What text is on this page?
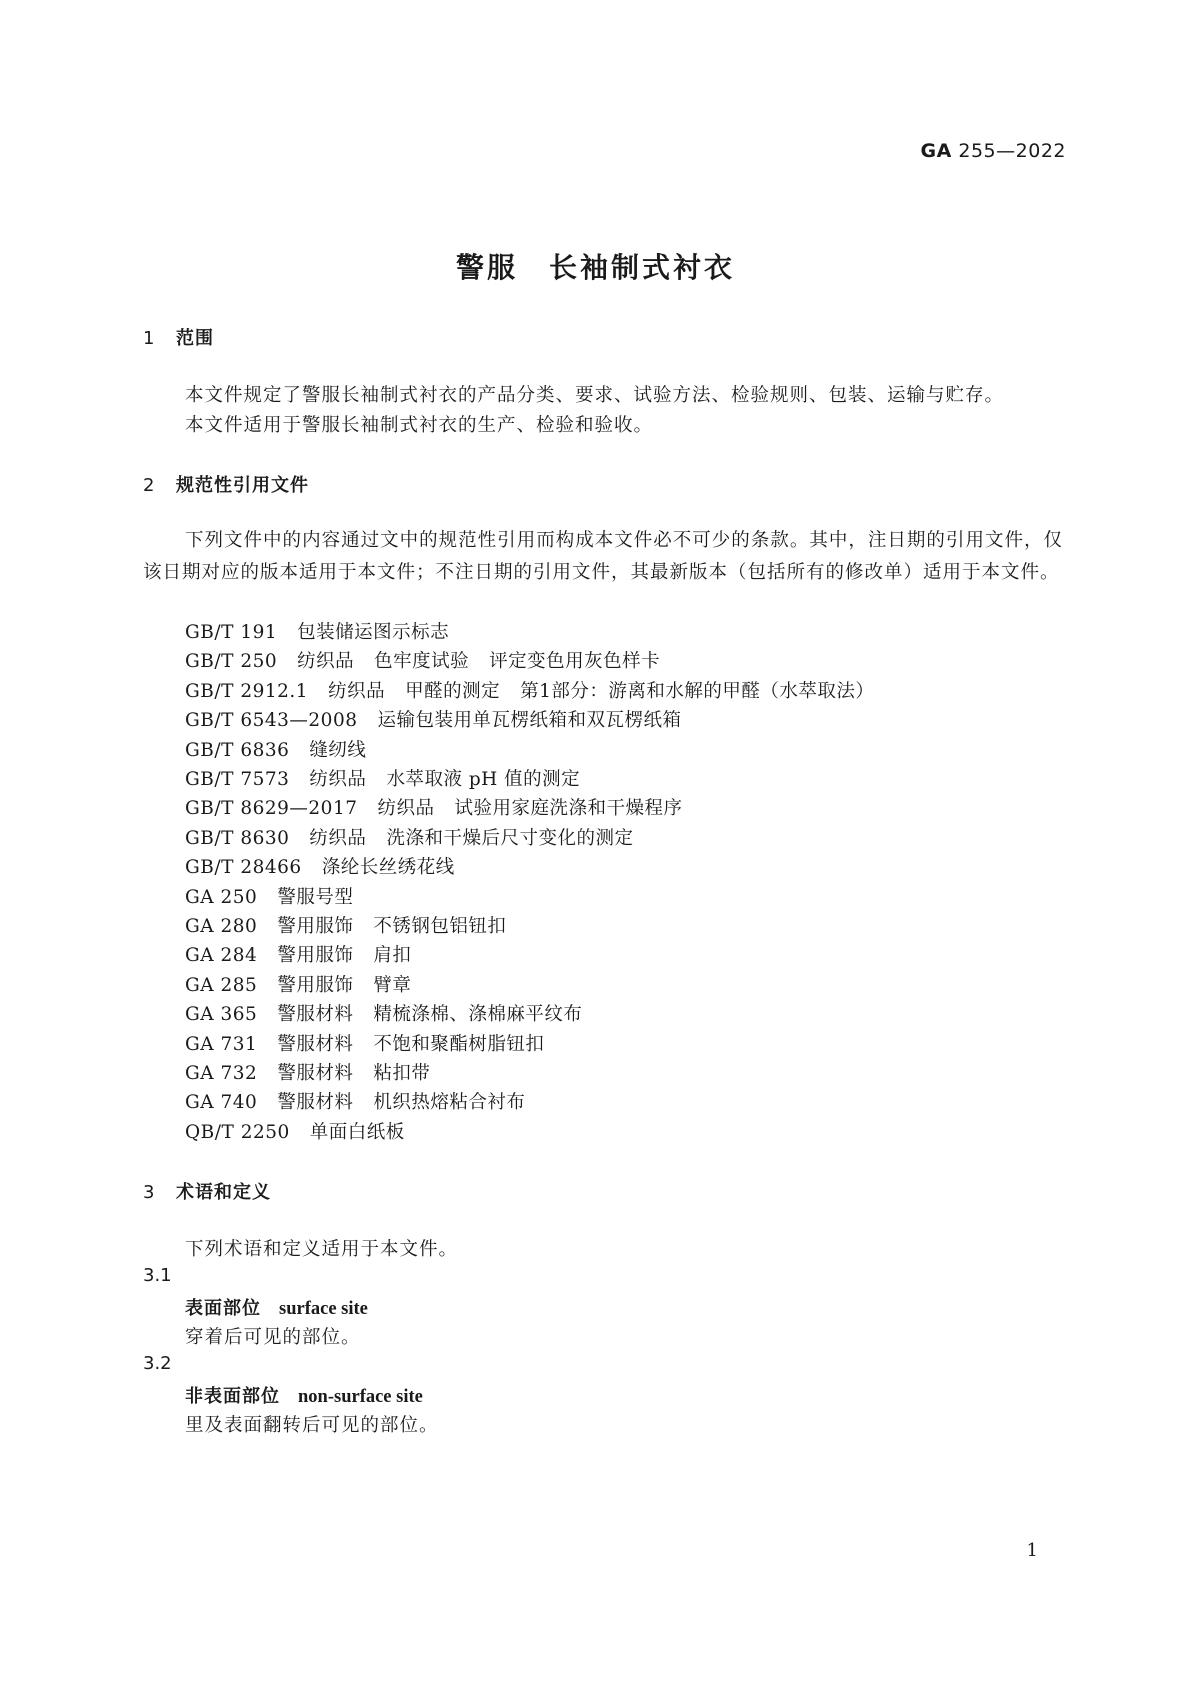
GA 255—2022
警服　长袖制式衬衣
1 范围
本文件规定了警服长袖制式衬衣的产品分类、要求、试验方法、检验规则、包装、运输与贮存。
本文件适用于警服长袖制式衬衣的生产、检验和验收。
2 规范性引用文件
下列文件中的内容通过文中的规范性引用而构成本文件必不可少的条款。其中，注日期的引用文件，仅该日期对应的版本适用于本文件；不注日期的引用文件，其最新版本（包括所有的修改单）适用于本文件。
GB/T 191 包装储运图示标志
GB/T 250 纺织品 色牢度试验 评定变色用灰色样卡
GB/T 2912.1 纺织品 甲醛的测定 第1部分：游离和水解的甲醛（水萃取法）
GB/T 6543—2008 运输包装用单瓦楞纸箱和双瓦楞纸箱
GB/T 6836 缝纫线
GB/T 7573 纺织品 水萃取液 pH 值的测定
GB/T 8629—2017 纺织品 试验用家庭洗涤和干燥程序
GB/T 8630 纺织品 洗涤和干燥后尺寸变化的测定
GB/T 28466 涤纶长丝绣花线
GA 250 警服号型
GA 280 警用服饰 不锈钢包铝钮扣
GA 284 警用服饰 肩扣
GA 285 警用服饰 臂章
GA 365 警服材料 精梳涤棉、涤棉麻平纹布
GA 731 警服材料 不饱和聚酯树脂钮扣
GA 732 警服材料 粘扣带
GA 740 警服材料 机织热熔粘合衬布
QB/T 2250 单面白纸板
3 术语和定义
下列术语和定义适用于本文件。
3.1
表面部位 surface site
穿着后可见的部位。
3.2
非表面部位 non-surface site
里及表面翻转后可见的部位。
1
